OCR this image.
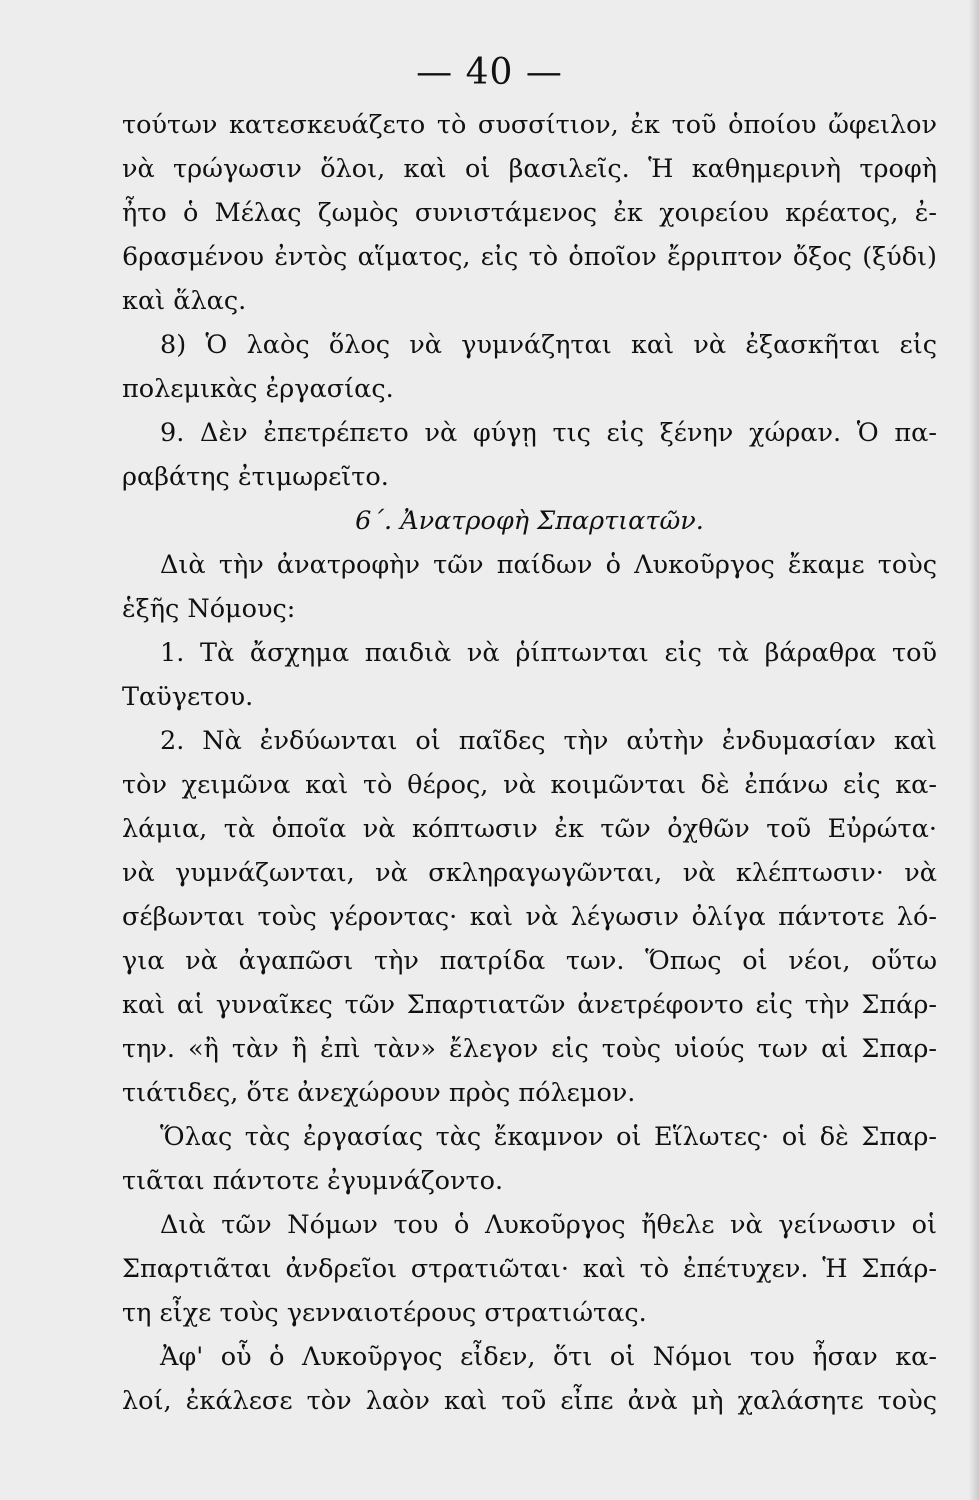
— 40 —
τούτων κατεσκευάζετο τὸ συσσίτιον, ἐκ τοῦ ὁποίου ὤφειλον
νὰ τρώγωσιν ὅλοι, καὶ οἱ βασιλεῖς. Ἡ καθημερινὴ τροφὴ
ἦτο ὁ Μέλας ζωμὸς συνιστάμενος ἐκ χοιρείου κρέατος, ἐ-
6ρασμένου ἐντὸς αἵματος, εἰς τὸ ὁποῖον ἔρριπτον ὄξος (ξύδι)
καὶ ἅλας.
8) Ὁ λαὸς ὅλος νὰ γυμνάζηται καὶ νὰ ἐξασκῆται εἰς
πολεμικὰς ἐργασίας.
9. Δὲν ἐπετρέπετο νὰ φύγῃ τις εἰς ξένην χώραν. Ὁ πα-
ραβάτης ἐτιμωρεῖτο.
6΄. Ἀνατροφὴ Σπαρτιατῶν.
Διὰ τὴν ἀνατροφὴν τῶν παίδων ὁ Λυκοῦργος ἔκαμε τοὺς
ἑξῆς Νόμους:
1. Τὰ ἄσχημα παιδιὰ νὰ ῥίπτωνται εἰς τὰ βάραθρα τοῦ
Ταϋγετου.
2. Νὰ ἐνδύωνται οἱ παῖδες τὴν αὐτὴν ἐνδυμασίαν καὶ
τὸν χειμῶνα καὶ τὸ θέρος, νὰ κοιμῶνται δὲ ἐπάνω εἰς κα-
λάμια, τὰ ὁποῖα νὰ κόπτωσιν ἐκ τῶν ὀχθῶν τοῦ Εὐρώτα·
νὰ γυμνάζωνται, νὰ σκληραγωγῶνται, νὰ κλέπτωσιν· νὰ
σέβωνται τοὺς γέροντας· καὶ νὰ λέγωσιν ὀλίγα πάντοτε λό-
για νὰ ἀγαπῶσι τὴν πατρίδα των. Ὅπως οἱ νέοι, οὕτω
καὶ αἱ γυναῖκες τῶν Σπαρτιατῶν ἀνετρέφοντο εἰς τὴν Σπάρ-
την. «ἢ τὰν ἢ ἐπὶ τὰν» ἔλεγον εἰς τοὺς υἱούς των αἱ Σπαρ-
τιάτιδες, ὅτε ἀνεχώρουν πρὸς πόλεμον.
Ὅλας τὰς ἐργασίας τὰς ἔκαμνον οἱ Εἵλωτες· οἱ δὲ Σπαρ-
τιᾶται πάντοτε ἐγυμνάζοντο.
Διὰ τῶν Νόμων του ὁ Λυκοῦργος ἤθελε νὰ γείνωσιν οἱ
Σπαρτιᾶται ἀνδρεῖοι στρατιῶται· καὶ τὸ ἐπέτυχεν. Ἡ Σπάρ-
τη εἶχε τοὺς γενναιοτέρους στρατιώτας.
Ἀφ' οὗ ὁ Λυκοῦργος εἶδεν, ὅτι οἱ Νόμοι του ἦσαν κα-
λοί, ἐκάλεσε τὸν λαὸν καὶ τοῦ εἶπε ἀνὰ μὴ χαλάσητε τοὺς
